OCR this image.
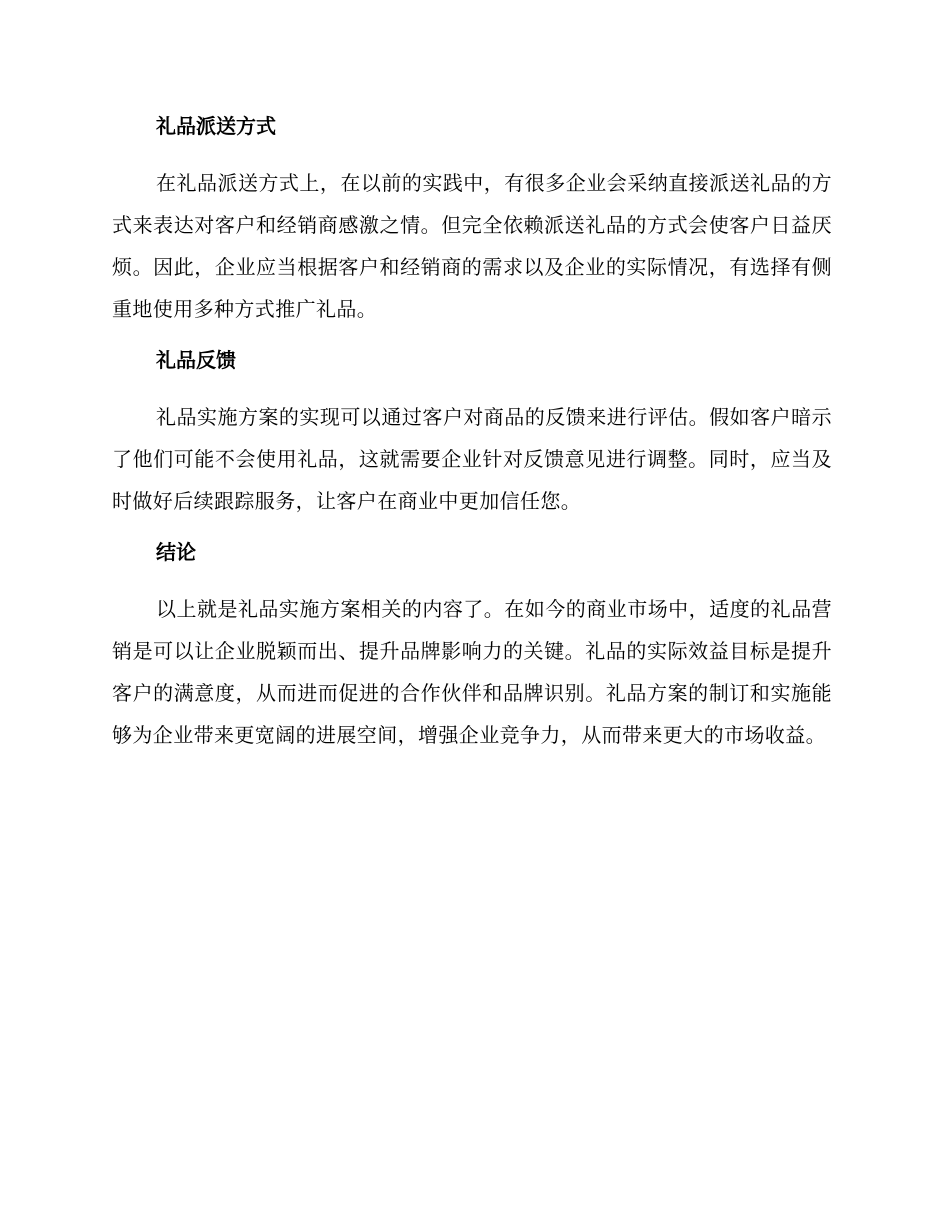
礼品派送方式

在礼品派送方式上，在以前的实践中，有很多企业会采纳直接派送礼品的方式来表达对客户和经销商感激之情。但完全依赖派送礼品的方式会使客户日益厌烦。因此，企业应当根据客户和经销商的需求以及企业的实际情况，有选择有侧重地使用多种方式推广礼品。

礼品反馈

礼品实施方案的实现可以通过客户对商品的反馈来进行评估。假如客户暗示了他们可能不会使用礼品，这就需要企业针对反馈意见进行调整。同时，应当及时做好后续跟踪服务，让客户在商业中更加信任您。

结论

以上就是礼品实施方案相关的内容了。在如今的商业市场中，适度的礼品营销是可以让企业脱颖而出、提升品牌影响力的关键。礼品的实际效益目标是提升客户的满意度，从而进而促进的合作伙伴和品牌识别。礼品方案的制订和实施能够为企业带来更宽阔的进展空间，增强企业竞争力，从而带来更大的市场收益。
